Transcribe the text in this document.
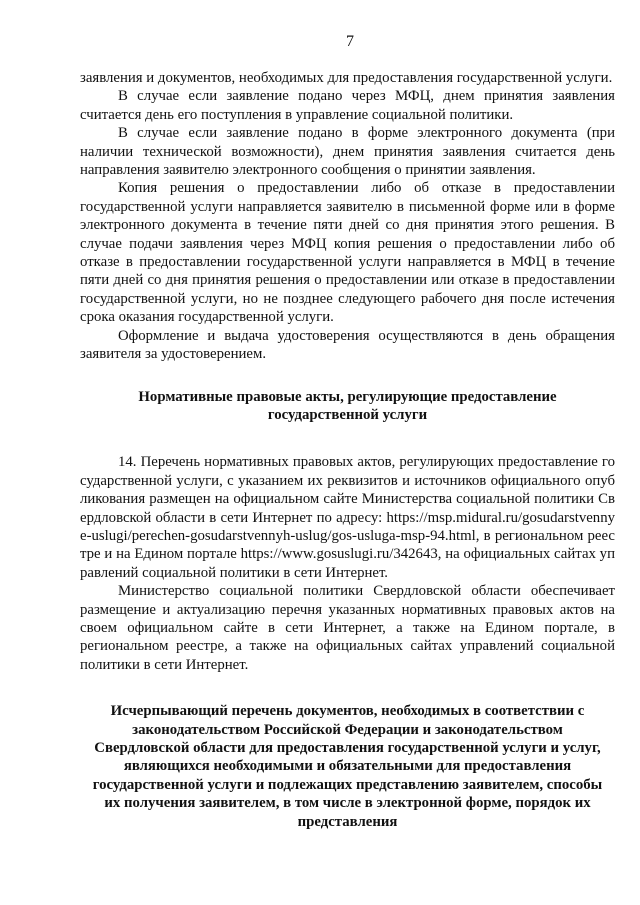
7

заявления и документов, необходимых для предоставления государственной услуги.

В случае если заявление подано через МФЦ, днем принятия заявления считается день его поступления в управление социальной политики.

В случае если заявление подано в форме электронного документа (при наличии технической возможности), днем принятия заявления считается день направления заявителю электронного сообщения о принятии заявления.

Копия решения о предоставлении либо об отказе в предоставлении государственной услуги направляется заявителю в письменной форме или в форме электронного документа в течение пяти дней со дня принятия этого решения. В случае подачи заявления через МФЦ копия решения о предоставлении либо об отказе в предоставлении государственной услуги направляется в МФЦ в течение пяти дней со дня принятия решения о предоставлении или отказе в предоставлении государственной услуги, но не позднее следующего рабочего дня после истечения срока оказания государственной услуги.

Оформление и выдача удостоверения осуществляются в день обращения заявителя за удостоверением.

Нормативные правовые акты, регулирующие предоставление государственной услуги

14. Перечень нормативных правовых актов, регулирующих предоставление государственной услуги, с указанием их реквизитов и источников официального опубликования размещен на официальном сайте Министерства социальной политики Свердловской области в сети Интернет по адресу: https://msp.midural.ru/gosudarstvennye-uslugi/perechen-gosudarstvennyh-uslug/gos-usluga-msp-94.html, в региональном реестре и на Едином портале https://www.gosuslugi.ru/342643, на официальных сайтах управлений социальной политики в сети Интернет.

Министерство социальной политики Свердловской области обеспечивает размещение и актуализацию перечня указанных нормативных правовых актов на своем официальном сайте в сети Интернет, а также на Едином портале, в региональном реестре, а также на официальных сайтах управлений социальной политики в сети Интернет.

Исчерпывающий перечень документов, необходимых в соответствии с законодательством Российской Федерации и законодательством Свердловской области для предоставления государственной услуги и услуг, являющихся необходимыми и обязательными для предоставления государственной услуги и подлежащих представлению заявителем, способы их получения заявителем, в том числе в электронной форме, порядок их представления
